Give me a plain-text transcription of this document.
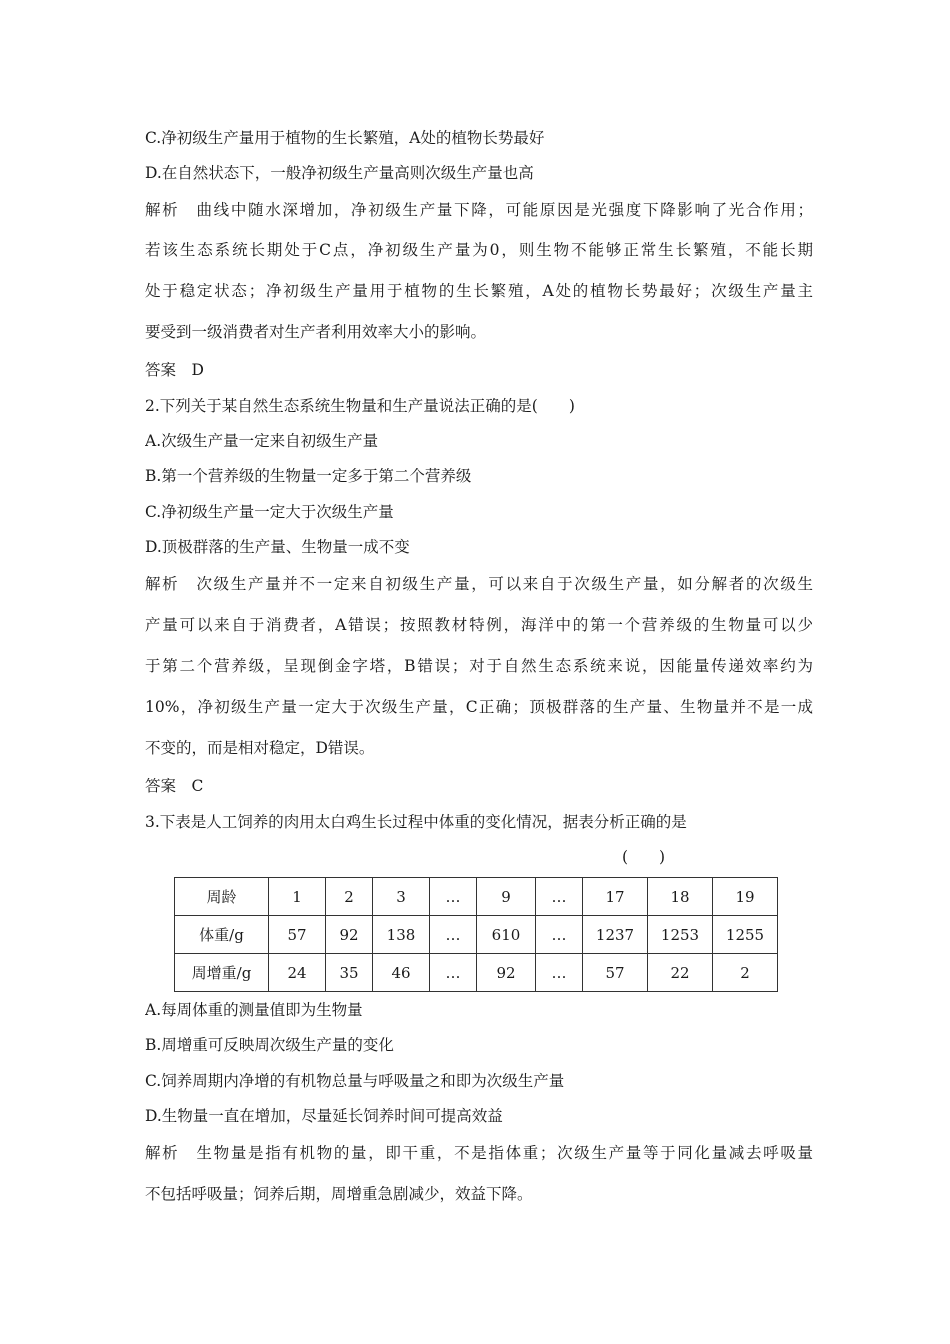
C.净初级生产量用于植物的生长繁殖，A处的植物长势最好
D.在自然状态下，一般净初级生产量高则次级生产量也高
解析　曲线中随水深增加，净初级生产量下降，可能原因是光强度下降影响了光合作用；
若该生态系统长期处于C点，净初级生产量为0，则生物不能够正常生长繁殖，不能长期
处于稳定状态；净初级生产量用于植物的生长繁殖，A处的植物长势最好；次级生产量主
要受到一级消费者对生产者利用效率大小的影响。
答案　D
2.下列关于某自然生态系统生物量和生产量说法正确的是(　　)
A.次级生产量一定来自初级生产量
B.第一个营养级的生物量一定多于第二个营养级
C.净初级生产量一定大于次级生产量
D.顶极群落的生产量、生物量一成不变
解析　次级生产量并不一定来自初级生产量，可以来自于次级生产量，如分解者的次级生
产量可以来自于消费者，A错误；按照教材特例，海洋中的第一个营养级的生物量可以少
于第二个营养级，呈现倒金字塔，B错误；对于自然生态系统来说，因能量传递效率约为
10%，净初级生产量一定大于次级生产量，C正确；顶极群落的生产量、生物量并不是一成
不变的，而是相对稳定，D错误。
答案　C
3.下表是人工饲养的肉用太白鸡生长过程中体重的变化情况，据表分析正确的是
(　　)
周龄	1	2	3	…	9	…	17	18	19
体重/g	57	92	138	…	610	…	1237	1253	1255
周增重/g	24	35	46	…	92	…	57	22	2
A.每周体重的测量值即为生物量
B.周增重可反映周次级生产量的变化
C.饲养周期内净增的有机物总量与呼吸量之和即为次级生产量
D.生物量一直在增加，尽量延长饲养时间可提高效益
解析　生物量是指有机物的量，即干重，不是指体重；次级生产量等于同化量减去呼吸量
不包括呼吸量；饲养后期，周增重急剧减少，效益下降。
